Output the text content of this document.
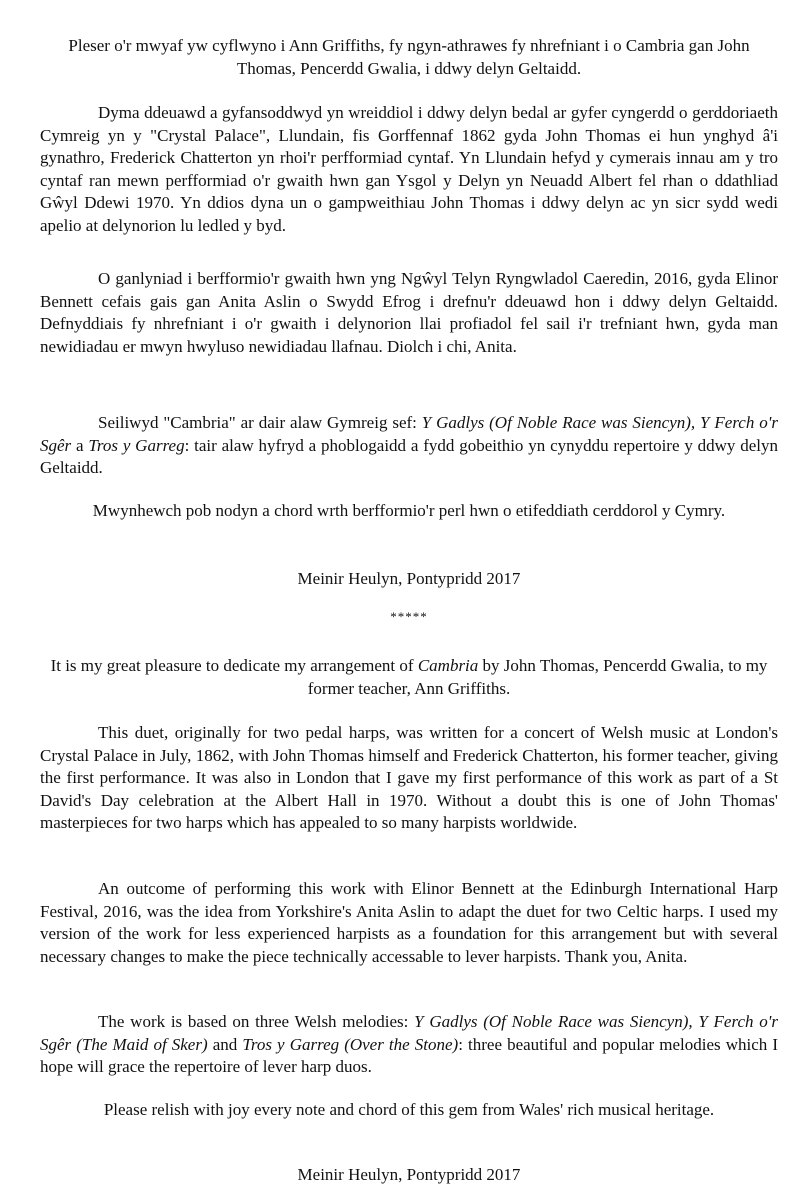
Pleser o'r mwyaf yw cyflwyno i Ann Griffiths, fy ngyn-athrawes fy nhrefniant i o Cambria gan John Thomas, Pencerdd Gwalia, i ddwy delyn Geltaidd.

Dyma ddeuawd a gyfansoddwyd yn wreiddiol i ddwy delyn bedal ar gyfer cyngerdd o gerddoriaeth Cymreig yn y "Crystal Palace", Llundain, fis Gorffennaf 1862 gyda John Thomas ei hun ynghyd â'i gynathro, Frederick Chatterton yn rhoi'r perfformiad cyntaf. Yn Llundain hefyd y cymerais innau am y tro cyntaf ran mewn perfformiad o'r gwaith hwn gan Ysgol y Delyn yn Neuadd Albert fel rhan o ddathliad Gŵyl Ddewi 1970. Yn ddios dyna un o gampweithiau John Thomas i ddwy delyn ac yn sicr sydd wedi apelio at delynorion lu ledled y byd.

O ganlyniad i berfformio'r gwaith hwn yng Ngŵyl Telyn Ryngwladol Caeredin, 2016, gyda Elinor Bennett cefais gais gan Anita Aslin o Swydd Efrog i drefnu'r ddeuawd hon i ddwy delyn Geltaidd. Defnyddiais fy nhrefniant i o'r gwaith i delynorion llai profiadol fel sail i'r trefniant hwn, gyda man newidiadau er mwyn hwyluso newidiadau llafnau. Diolch i chi, Anita.

Seiliwyd "Cambria" ar dair alaw Gymreig sef: Y Gadlys (Of Noble Race was Siencyn), Y Ferch o'r Sgêr a Tros y Garreg: tair alaw hyfryd a phoblogaidd a fydd gobeithio yn cynyddu repertoire y ddwy delyn Geltaidd.

Mwynhewch pob nodyn a chord wrth berfformio'r perl hwn o etifeddiath cerddorol y Cymry.

Meinir Heulyn, Pontypridd 2017

*****

It is my great pleasure to dedicate my arrangement of Cambria by John Thomas, Pencerdd Gwalia, to my former teacher, Ann Griffiths.

This duet, originally for two pedal harps, was written for a concert of Welsh music at London's Crystal Palace in July, 1862, with John Thomas himself and Frederick Chatterton, his former teacher, giving the first performance. It was also in London that I gave my first performance of this work as part of a St David's Day celebration at the Albert Hall in 1970. Without a doubt this is one of John Thomas' masterpieces for two harps which has appealed to so many harpists worldwide.

An outcome of performing this work with Elinor Bennett at the Edinburgh International Harp Festival, 2016, was the idea from Yorkshire's Anita Aslin to adapt the duet for two Celtic harps. I used my version of the work for less experienced harpists as a foundation for this arrangement but with several necessary changes to make the piece technically accessable to lever harpists. Thank you, Anita.

The work is based on three Welsh melodies: Y Gadlys (Of Noble Race was Siencyn), Y Ferch o'r Sgêr (The Maid of Sker) and Tros y Garreg (Over the Stone): three beautiful and popular melodies which I hope will grace the repertoire of lever harp duos.

Please relish with joy every note and chord of this gem from Wales' rich musical heritage.

Meinir Heulyn, Pontypridd 2017
